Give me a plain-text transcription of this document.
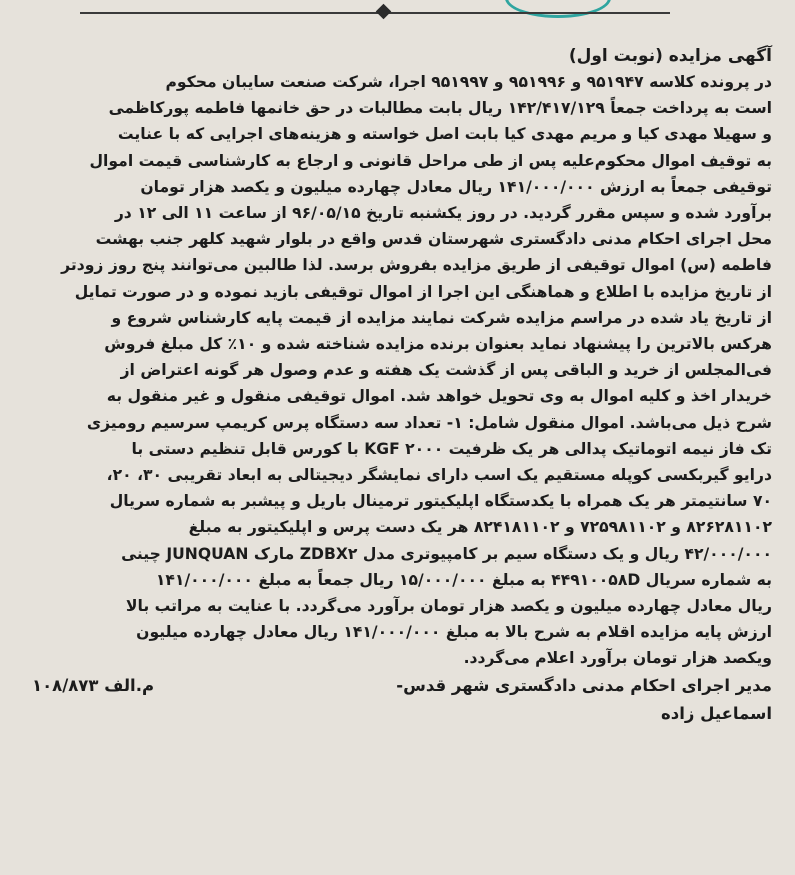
آگهی مزایده (نوبت اول)
در پرونده کلاسه ۹۵۱۹۴۷ و ۹۵۱۹۹۶ و ۹۵۱۹۹۷ اجرا، شرکت صنعت سایبان محکوم
است به پرداخت جمعاً ۱۴۲/۴۱۷/۱۲۹ ریال بابت مطالبات در حق خانمها فاطمه پورکاظمی
و سهیلا مهدی کیا و مریم مهدی کیا بابت اصل خواسته و هزینه‌های اجرایی که با عنایت
به توقیف اموال محکوم‌علیه پس از طی مراحل قانونی و ارجاع به کارشناسی قیمت اموال
توقیفی جمعاً به ارزش ۱۴۱/۰۰۰/۰۰۰ ریال معادل چهارده میلیون و یکصد هزار تومان
برآورد شده و سپس مقرر گردید. در روز یکشنبه تاریخ ۹۶/۰۵/۱۵ از ساعت ۱۱ الی ۱۲ در
محل اجرای احکام مدنی دادگستری شهرستان قدس واقع در بلوار شهید کلهر جنب بهشت
فاطمه (س) اموال توقیفی از طریق مزایده بفروش برسد. لذا طالبین می‌توانند پنج روز زودتر
از تاریخ مزایده با اطلاع و هماهنگی این اجرا از اموال توقیفی بازید نموده و در صورت تمایل
از تاریخ یاد شده در مراسم مزایده شرکت نمایند مزایده از قیمت پایه کارشناس شروع و
هرکس بالاترین را پیشنهاد نماید بعنوان برنده مزایده شناخته شده و ۱۰٪ کل مبلغ فروش
فی‌المجلس از خرید و الباقی پس از گذشت یک هفته و عدم وصول هر گونه اعتراض از
خریدار اخذ و کلیه اموال به وی تحویل خواهد شد. اموال توقیفی منقول و غیر منقول به
شرح ذیل می‌باشد. اموال منقول شامل: ۱- تعداد سه دستگاه پرس کریمپ سرسیم رومیزی
تک فاز نیمه اتوماتیک پدالی هر یک ظرفیت KGF ۲۰۰۰ با کورس قابل تنظیم دستی با
درایو گیربکسی کوپله مستقیم یک اسب دارای نمایشگر دیجیتالی به ابعاد تقریبی ۳۰، ۲۰،
۷۰ سانتیمتر هر یک همراه با یکدستگاه اپلیکیتور ترمینال باریل و پیشبر به شماره سریال
۸۲۶۲۸۱۱۰۲ و ۷۲۵۹۸۱۱۰۲ و ۸۲۴۱۸۱۱۰۲ هر یک دست پرس و اپلیکیتور به مبلغ
۴۲/۰۰۰/۰۰۰ ریال و یک دستگاه سیم بر کامپیوتری مدل ZDBX۲ مارک JUNQUAN چینی
به شماره سریال ۴۴۹۱۰۰۵۸D به مبلغ ۱۵/۰۰۰/۰۰۰ ریال جمعاً به مبلغ ۱۴۱/۰۰۰/۰۰۰
ریال معادل چهارده میلیون و یکصد هزار تومان برآورد می‌گردد. با عنایت به مراتب بالا
ارزش پایه مزایده اقلام به شرح بالا به مبلغ ۱۴۱/۰۰۰/۰۰۰ ریال معادل چهارده میلیون
ویکصد هزار تومان برآورد اعلام می‌گردد.
مدیر اجرای احکام مدنی دادگستری شهر قدس-
م.الف ۱۰۸/۸۷۳
اسماعیل زاده
